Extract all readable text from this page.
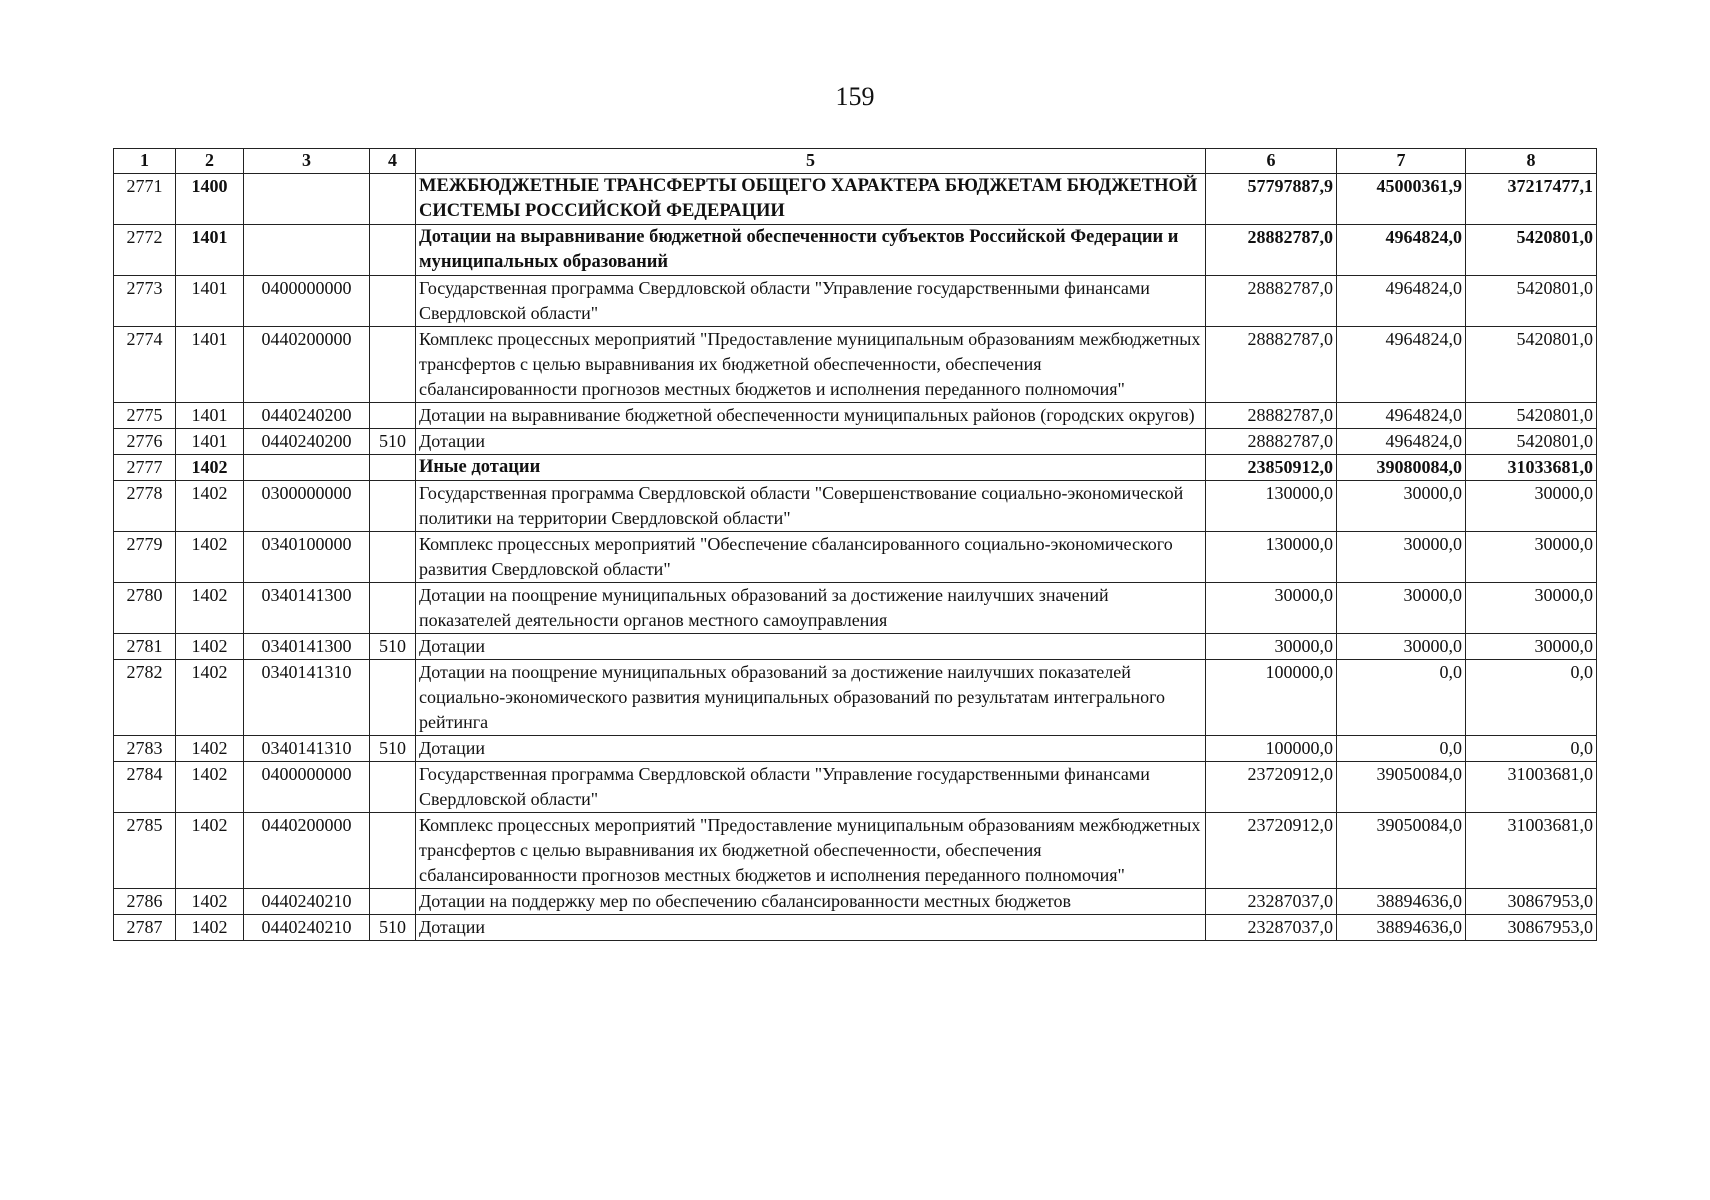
159
1	2	3	4	5	6	7	8
2771	1400			МЕЖБЮДЖЕТНЫЕ ТРАНСФЕРТЫ ОБЩЕГО ХАРАКТЕРА БЮДЖЕТАМ БЮДЖЕТНОЙ СИСТЕМЫ РОССИЙСКОЙ ФЕДЕРАЦИИ	57797887,9	45000361,9	37217477,1
2772	1401			Дотации на выравнивание бюджетной обеспеченности субъектов Российской Федерации и муниципальных образований	28882787,0	4964824,0	5420801,0
2773	1401	0400000000		Государственная программа Свердловской области "Управление государственными финансами Свердловской области"	28882787,0	4964824,0	5420801,0
2774	1401	0440200000		Комплекс процессных мероприятий "Предоставление муниципальным образованиям межбюджетных трансфертов с целью выравнивания их бюджетной обеспеченности, обеспечения сбалансированности прогнозов местных бюджетов и исполнения переданного полномочия"	28882787,0	4964824,0	5420801,0
2775	1401	0440240200		Дотации на выравнивание бюджетной обеспеченности муниципальных районов (городских округов)	28882787,0	4964824,0	5420801,0
2776	1401	0440240200	510	Дотации	28882787,0	4964824,0	5420801,0
2777	1402			Иные дотации	23850912,0	39080084,0	31033681,0
2778	1402	0300000000		Государственная программа Свердловской области "Совершенствование социально-экономической политики на территории Свердловской области"	130000,0	30000,0	30000,0
2779	1402	0340100000		Комплекс процессных мероприятий "Обеспечение сбалансированного социально-экономического развития Свердловской области"	130000,0	30000,0	30000,0
2780	1402	0340141300		Дотации на поощрение муниципальных образований за достижение наилучших значений показателей деятельности органов местного самоуправления	30000,0	30000,0	30000,0
2781	1402	0340141300	510	Дотации	30000,0	30000,0	30000,0
2782	1402	0340141310		Дотации на поощрение муниципальных образований за достижение наилучших показателей социально-экономического развития муниципальных образований по результатам интегрального рейтинга	100000,0	0,0	0,0
2783	1402	0340141310	510	Дотации	100000,0	0,0	0,0
2784	1402	0400000000		Государственная программа Свердловской области "Управление государственными финансами Свердловской области"	23720912,0	39050084,0	31003681,0
2785	1402	0440200000		Комплекс процессных мероприятий "Предоставление муниципальным образованиям межбюджетных трансфертов с целью выравнивания их бюджетной обеспеченности, обеспечения сбалансированности прогнозов местных бюджетов и исполнения переданного полномочия"	23720912,0	39050084,0	31003681,0
2786	1402	0440240210		Дотации на поддержку мер по обеспечению сбалансированности местных бюджетов	23287037,0	38894636,0	30867953,0
2787	1402	0440240210	510	Дотации	23287037,0	38894636,0	30867953,0
